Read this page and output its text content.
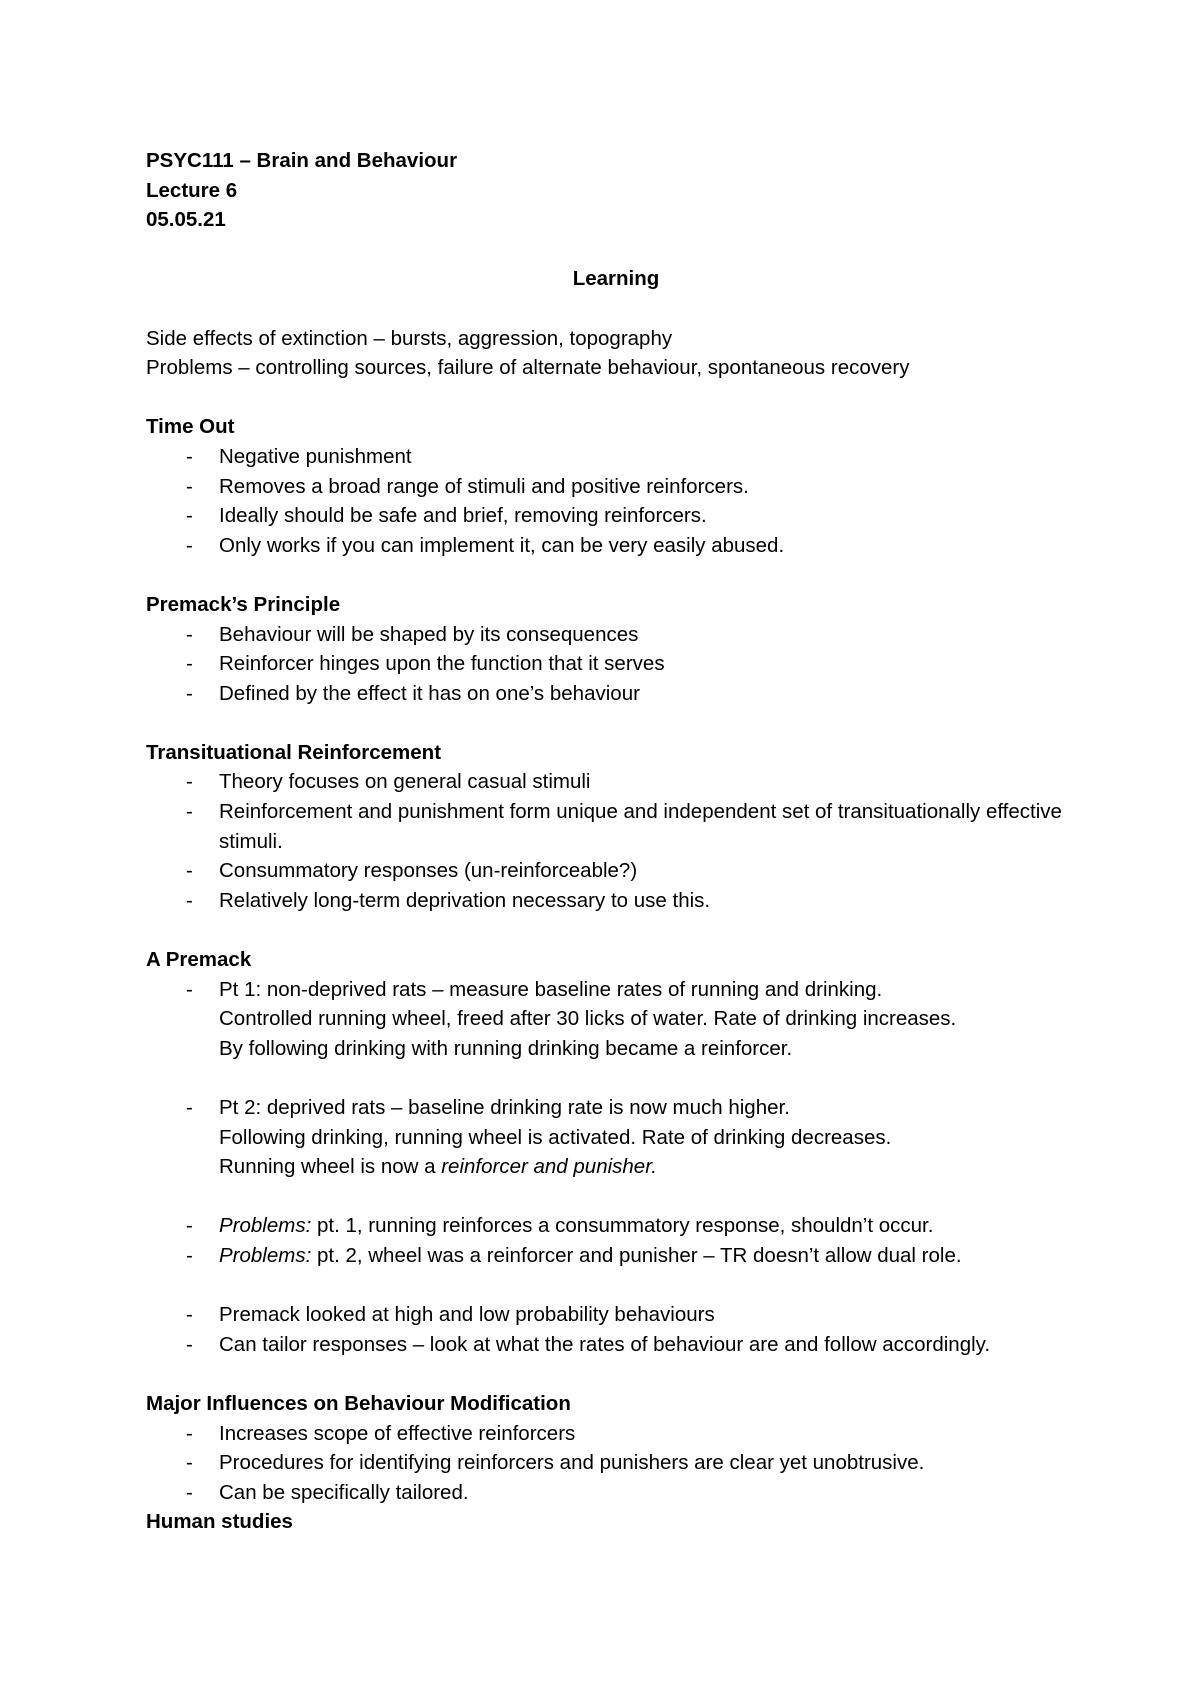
PSYC111 – Brain and Behaviour
Lecture 6
05.05.21
Learning
Side effects of extinction – bursts, aggression, topography
Problems – controlling sources, failure of alternate behaviour, spontaneous recovery
Time Out
- Negative punishment
- Removes a broad range of stimuli and positive reinforcers.
- Ideally should be safe and brief, removing reinforcers.
- Only works if you can implement it, can be very easily abused.
Premack’s Principle
- Behaviour will be shaped by its consequences
- Reinforcer hinges upon the function that it serves
- Defined by the effect it has on one’s behaviour
Transituational Reinforcement
- Theory focuses on general casual stimuli
- Reinforcement and punishment form unique and independent set of transituationally effective stimuli.
- Consummatory responses (un-reinforceable?)
- Relatively long-term deprivation necessary to use this.
A Premack
- Pt 1: non-deprived rats – measure baseline rates of running and drinking.
Controlled running wheel, freed after 30 licks of water. Rate of drinking increases.
By following drinking with running drinking became a reinforcer.
- Pt 2: deprived rats – baseline drinking rate is now much higher.
Following drinking, running wheel is activated. Rate of drinking decreases.
Running wheel is now a reinforcer and punisher.
- Problems: pt. 1, running reinforces a consummatory response, shouldn’t occur.
- Problems: pt. 2, wheel was a reinforcer and punisher – TR doesn’t allow dual role.
- Premack looked at high and low probability behaviours
- Can tailor responses – look at what the rates of behaviour are and follow accordingly.
Major Influences on Behaviour Modification
- Increases scope of effective reinforcers
- Procedures for identifying reinforcers and punishers are clear yet unobtrusive.
- Can be specifically tailored.
Human studies
